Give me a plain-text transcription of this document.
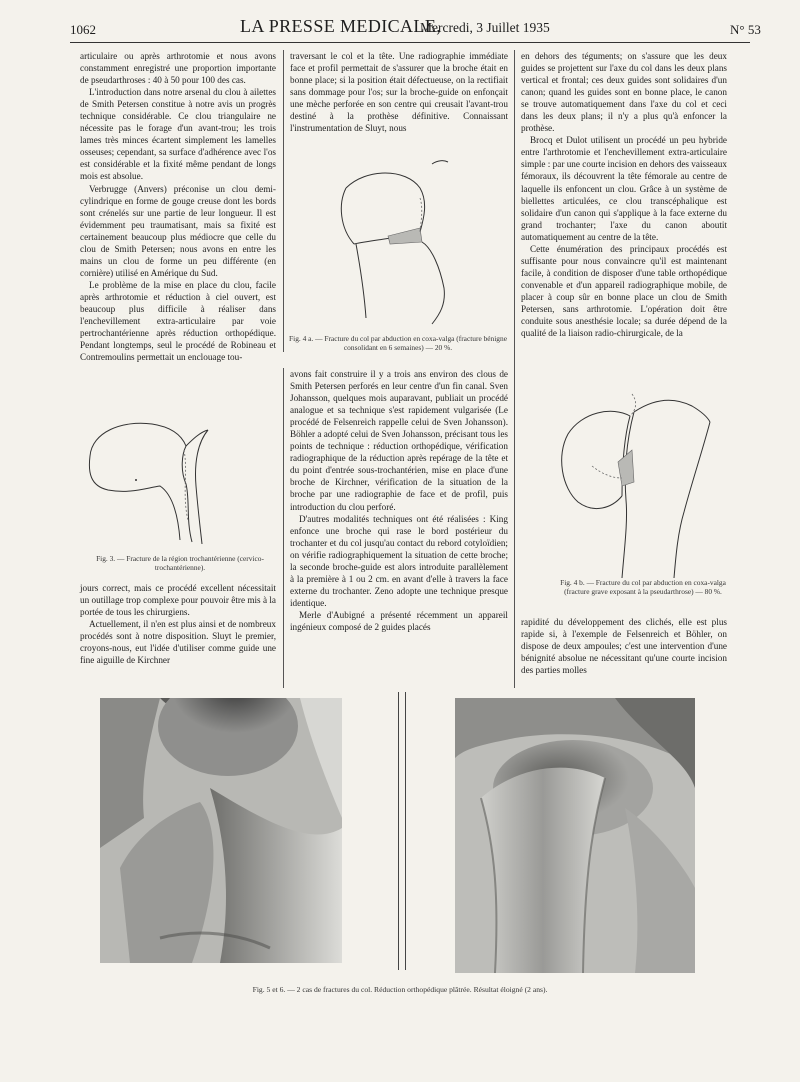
1062	LA PRESSE MEDICALE,
Mercredi, 3 Juillet 1935	N° 53

articulaire ou après arthrotomie et nous avons constamment enregistré une proportion importante de pseudarthroses : 40 à 50 pour 100 des cas.

L'introduction dans notre arsenal du clou à ailettes de Smith Petersen constitue à notre avis un progrès technique considérable. Ce clou triangulaire ne nécessite pas le forage d'un avant-trou; les trois lames très minces écartent simplement les lamelles osseuses; cependant, sa surface d'adhérence avec l'os est considérable et la fixité même pendant de longs mois est absolue.

Verbrugge (Anvers) préconise un clou demi-cylindrique en forme de gouge creuse dont les bords sont crénelés sur une partie de leur longueur. Il est évidemment peu traumatisant, mais sa fixité est certainement beaucoup plus médiocre que celle du clou de Smith Petersen; nous avons en entre les mains un clou de forme un peu différente (en cornière) utilisé en Amérique du Sud.

Le problème de la mise en place du clou, facile après arthrotomie et réduction à ciel ouvert, est beaucoup plus difficile à réaliser dans l'enchevillement extra-articulaire par voie pertrochantérienne après réduction orthopédique. Pendant longtemps, seul le procédé de Robineau et Contremoulins permettait un enclouage tou-

Fig. 3. — Fracture de la région trochantérienne (cervico-trochantérienne).

jours correct, mais ce procédé excellent nécessitait un outillage trop complexe pour pouvoir être mis à la portée de tous les chirurgiens.

Actuellement, il n'en est plus ainsi et de nombreux procédés sont à notre disposition. Sluyt le premier, croyons-nous, eut l'idée d'utiliser comme guide une fine aiguille de Kirchner

traversant le col et la tête. Une radiographie immédiate face et profil permettait de s'assurer que la broche était en bonne place; si la position était défectueuse, on la rectifiait sans dommage pour l'os; sur la broche-guide on enfonçait une mèche perforée en son centre qui creusait l'avant-trou destiné à la prothèse définitive. Connaissant l'instrumentation de Sluyt, nous

Fig. 4 a. — Fracture du col par abduction en coxa-valga (fracture bénigne consolidant en 6 semaines) — 20 %.

avons fait construire il y a trois ans environ des clous de Smith Petersen perforés en leur centre d'un fin canal. Sven Johansson, quelques mois auparavant, publiait un procédé analogue et sa technique s'est rapidement vulgarisée (Le procédé de Felsenreich rappelle celui de Sven Johansson). Böhler a adopté celui de Sven Johansson, précisant tous les points de technique : réduction orthopédique, vérification radiographique de la réduction après repérage de la tête et du point d'entrée sous-trochantérien, mise en place d'une broche de Kirchner, vérification de la situation de la broche par une radiographie de face et de profil, puis introduction du clou perforé.

D'autres modalités techniques ont été réalisées : King enfonce une broche qui rase le bord postérieur du trochanter et du col jusqu'au contact du rebord cotyloïdien; on vérifie radiographiquement la situation de cette broche; la seconde broche-guide est alors introduite parallèlement à la première à 1 ou 2 cm. en avant d'elle à travers la face externe du trochanter. Zeno adopte une technique presque identique.

Merle d'Aubigné a présenté récemment un appareil ingénieux composé de 2 guides placés

en dehors des téguments; on s'assure que les deux guides se projettent sur l'axe du col dans les deux plans vertical et frontal; ces deux guides sont solidaires d'un canon; quand les guides sont en bonne place, le canon se trouve automatiquement dans l'axe du col et ceci dans les deux plans; il n'y a plus qu'à enfoncer la prothèse.

Brocq et Dulot utilisent un procédé un peu hybride entre l'arthrotomie et l'enchevillement extra-articulaire simple : par une courte incision en dehors des vaisseaux fémoraux, ils découvrent la tête fémorale au centre de laquelle ils enfoncent un clou. Grâce à un système de biellettes articulées, ce clou transcéphalique est solidaire d'un canon qui s'applique à la face externe du grand trochanter; l'axe du canon aboutit automatiquement au centre de la tête.

Cette énumération des principaux procédés est suffisante pour nous convaincre qu'il est maintenant facile, à condition de disposer d'une table orthopédique convenable et d'un appareil radiographique mobile, de placer à coup sûr en bonne place un clou de Smith Petersen, sans arthrotomie. L'opération doit être conduite sous anesthésie locale; sa durée dépend de la qualité de la liaison radio-chirurgicale, de la

Fig. 4 b. — Fracture du col par abduction en coxa-valga (fracture grave exposant à la pseudarthrose) — 80 %.

rapidité du développement des clichés, elle est plus rapide si, à l'exemple de Felsenreich et Böhler, on dispose de deux ampoules; c'est une intervention d'une bénignité absolue ne nécessitant qu'une courte incision des parties molles

Fig. 5 et 6. — 2 cas de fractures du col. Réduction orthopédique plâtrée. Résultat éloigné (2 ans).
